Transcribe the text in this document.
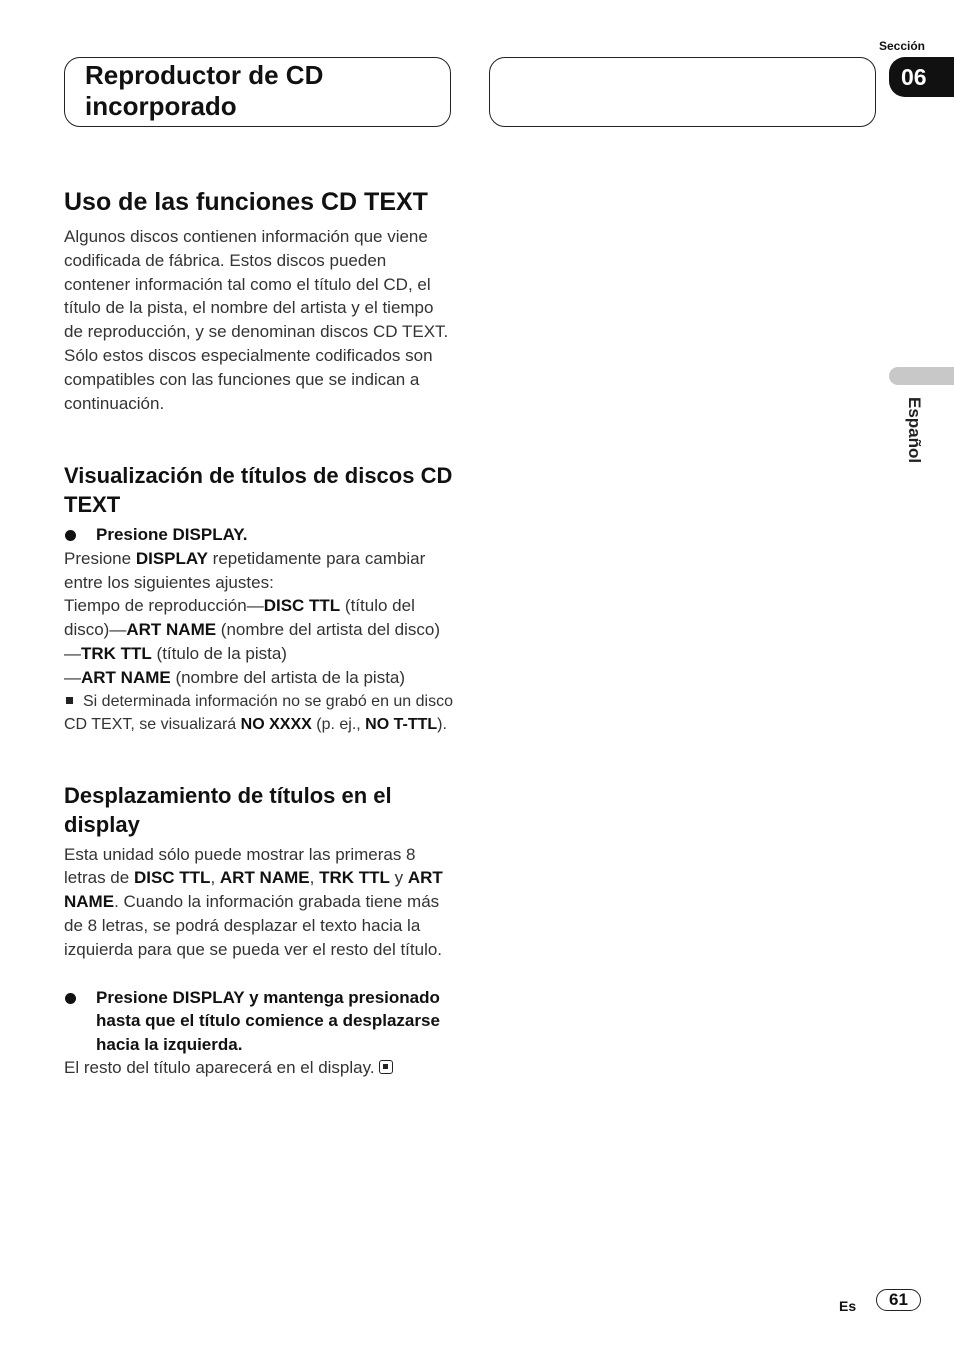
Reproductor de CD incorporado
Sección
06
Español
Uso de las funciones CD TEXT

Algunos discos contienen información que viene codificada de fábrica. Estos discos pueden contener información tal como el título del CD, el título de la pista, el nombre del artista y el tiempo de reproducción, y se denominan discos CD TEXT. Sólo estos discos especialmente codificados son compatibles con las funciones que se indican a continuación.

Visualización de títulos de discos CD TEXT
Presione DISPLAY.

Presione DISPLAY repetidamente para cambiar entre los siguientes ajustes:

Tiempo de reproducción—DISC TTL (título del disco)—ART NAME (nombre del artista del disco)—TRK TTL (título de la pista)

—ART NAME (nombre del artista de la pista)

Si determinada información no se grabó en un disco CD TEXT, se visualizará NO XXXX (p. ej., NO T-TTL).

Desplazamiento de títulos en el display

Esta unidad sólo puede mostrar las primeras 8 letras de DISC TTL, ART NAME, TRK TTL y ART NAME. Cuando la información grabada tiene más de 8 letras, se podrá desplazar el texto hacia la izquierda para que se pueda ver el resto del título.

Presione DISPLAY y mantenga presionado hasta que el título comience a desplazarse hacia la izquierda.

El resto del título aparecerá en el display.

Es	61
